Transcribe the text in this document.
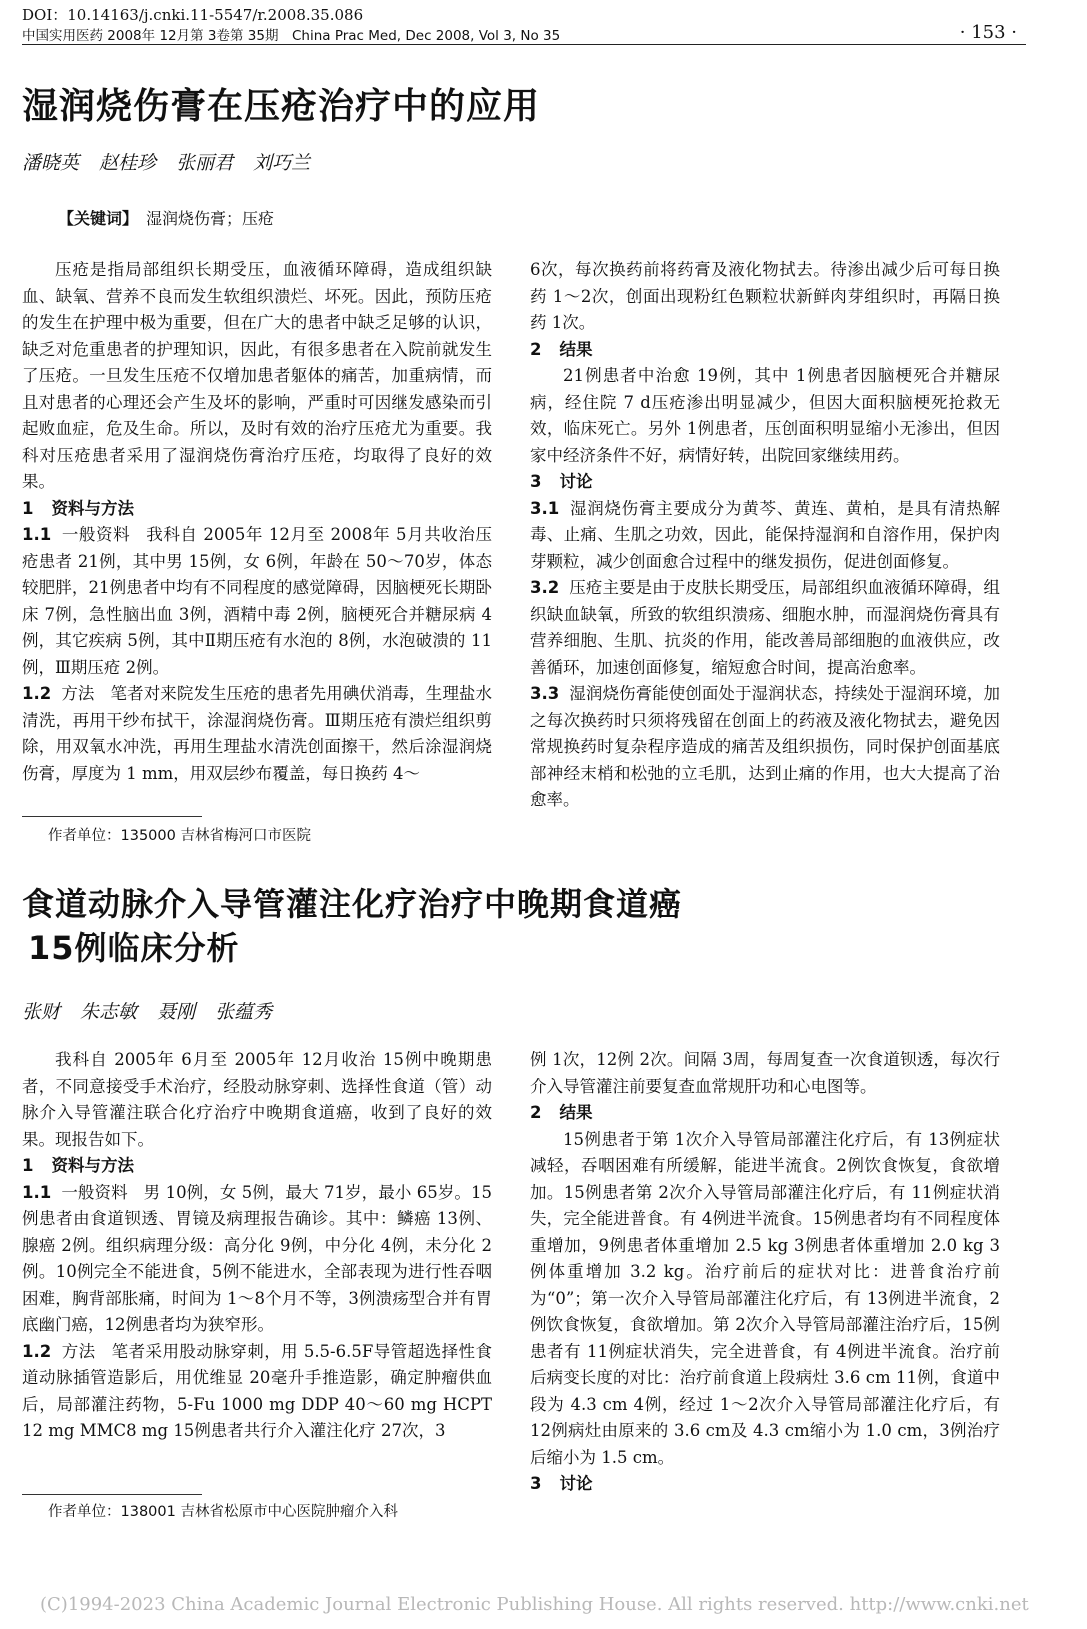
DOI：10.14163/j.cnki.11-5547/r.2008.35.086
中国实用医药 2008年 12月第 3卷第 35期　China Prac Med, Dec 2008, Vol 3, No 35	· 153 ·
湿润烧伤膏在压疮治疗中的应用
潘晓英 赵桂珍 张丽君 刘巧兰
【关键词】 湿润烧伤膏；压疮

压疮是指局部组织长期受压，血液循环障碍，造成组织缺血、缺氧、营养不良而发生软组织溃烂、坏死。因此，预防压疮的发生在护理中极为重要，但在广大的患者中缺乏足够的认识，缺乏对危重患者的护理知识，因此，有很多患者在入院前就发生了压疮。一旦发生压疮不仅增加患者躯体的痛苦，加重病情，而且对患者的心理还会产生及坏的影响，严重时可因继发感染而引起败血症，危及生命。所以，及时有效的治疗压疮尤为重要。我科对压疮患者采用了湿润烧伤膏治疗压疮，均取得了良好的效果。

1 资料与方法

1.1 一般资料 我科自 2005年 12月至 2008年 5月共收治压疮患者 21例，其中男 15例，女 6例，年龄在 50～70岁，体态较肥胖，21例患者中均有不同程度的感觉障碍，因脑梗死长期卧床 7例，急性脑出血 3例，酒精中毒 2例，脑梗死合并糖尿病 4例，其它疾病 5例，其中Ⅱ期压疮有水泡的 8例，水泡破溃的 11例，Ⅲ期压疮 2例。

1.2 方法 笔者对来院发生压疮的患者先用碘伏消毒，生理盐水清洗，再用干纱布拭干，涂湿润烧伤膏。Ⅲ期压疮有溃烂组织剪除，用双氧水冲洗，再用生理盐水清洗创面擦干，然后涂湿润烧伤膏，厚度为 1 mm，用双层纱布覆盖，每日换药 4～

6次，每次换药前将药膏及液化物拭去。待渗出减少后可每日换药 1～2次，创面出现粉红色颗粒状新鲜肉芽组织时，再隔日换药 1次。

2 结果

21例患者中治愈 19例，其中 1例患者因脑梗死合并糖尿病，经住院 7 d压疮渗出明显减少，但因大面积脑梗死抢救无效，临床死亡。另外 1例患者，压创面积明显缩小无渗出，但因家中经济条件不好，病情好转，出院回家继续用药。

3 讨论

3.1 湿润烧伤膏主要成分为黄芩、黄连、黄柏，是具有清热解毒、止痛、生肌之功效，因此，能保持湿润和自溶作用，保护肉芽颗粒，减少创面愈合过程中的继发损伤，促进创面修复。

3.2 压疮主要是由于皮肤长期受压，局部组织血液循环障碍，组织缺血缺氧，所致的软组织溃疡、细胞水肿，而湿润烧伤膏具有营养细胞、生肌、抗炎的作用，能改善局部细胞的血液供应，改善循环，加速创面修复，缩短愈合时间，提高治愈率。

3.3 湿润烧伤膏能使创面处于湿润状态，持续处于湿润环境，加之每次换药时只须将残留在创面上的药液及液化物拭去，避免因常规换药时复杂程序造成的痛苦及组织损伤，同时保护创面基底部神经末梢和松弛的立毛肌，达到止痛的作用，也大大提高了治愈率。

作者单位：135000 吉林省梅河口市医院
食道动脉介入导管灌注化疗治疗中晚期食道癌
15例临床分析
张财 朱志敏 聂刚 张蕴秀

我科自 2005年 6月至 2005年 12月收治 15例中晚期患者，不同意接受手术治疗，经股动脉穿刺、选择性食道（管）动脉介入导管灌注联合化疗治疗中晚期食道癌，收到了良好的效果。现报告如下。

1 资料与方法

1.1 一般资料 男 10例，女 5例，最大 71岁，最小 65岁。15例患者由食道钡透、胃镜及病理报告确诊。其中：鳞癌 13例、腺癌 2例。组织病理分级：高分化 9例，中分化 4例，未分化 2例。10例完全不能进食，5例不能进水，全部表现为进行性吞咽困难，胸背部胀痛，时间为 1～8个月不等，3例溃疡型合并有胃底幽门癌，12例患者均为狭窄形。

1.2 方法 笔者采用股动脉穿刺，用 5.5-6.5F导管超选择性食道动脉插管造影后，用优维显 20毫升手推造影，确定肿瘤供血后，局部灌注药物，5-Fu 1000 mg DDP 40～60 mg HCPT 12 mg MMC8 mg 15例患者共行介入灌注化疗 27次，3

例 1次，12例 2次。间隔 3周，每周复查一次食道钡透，每次行介入导管灌注前要复查血常规肝功和心电图等。

2 结果

15例患者于第 1次介入导管局部灌注化疗后，有 13例症状减轻，吞咽困难有所缓解，能进半流食。2例饮食恢复，食欲增加。15例患者第 2次介入导管局部灌注化疗后，有 11例症状消失，完全能进普食。有 4例进半流食。15例患者均有不同程度体重增加，9例患者体重增加 2.5 kg 3例患者体重增加 2.0 kg 3例体重增加 3.2 kg。治疗前后的症状对比：进普食治疗前为“0”；第一次介入导管局部灌注化疗后，有 13例进半流食，2例饮食恢复，食欲增加。第 2次介入导管局部灌注治疗后，15例患者有 11例症状消失，完全进普食，有 4例进半流食。治疗前后病变长度的对比：治疗前食道上段病灶 3.6 cm 11例，食道中段为 4.3 cm 4例，经过 1～2次介入导管局部灌注化疗后，有 12例病灶由原来的 3.6 cm及 4.3 cm缩小为 1.0 cm，3例治疗后缩小为 1.5 cm。

3 讨论

作者单位：138001 吉林省松原市中心医院肿瘤介入科
(C)1994-2023 China Academic Journal Electronic Publishing House. All rights reserved. http://www.cnki.net
